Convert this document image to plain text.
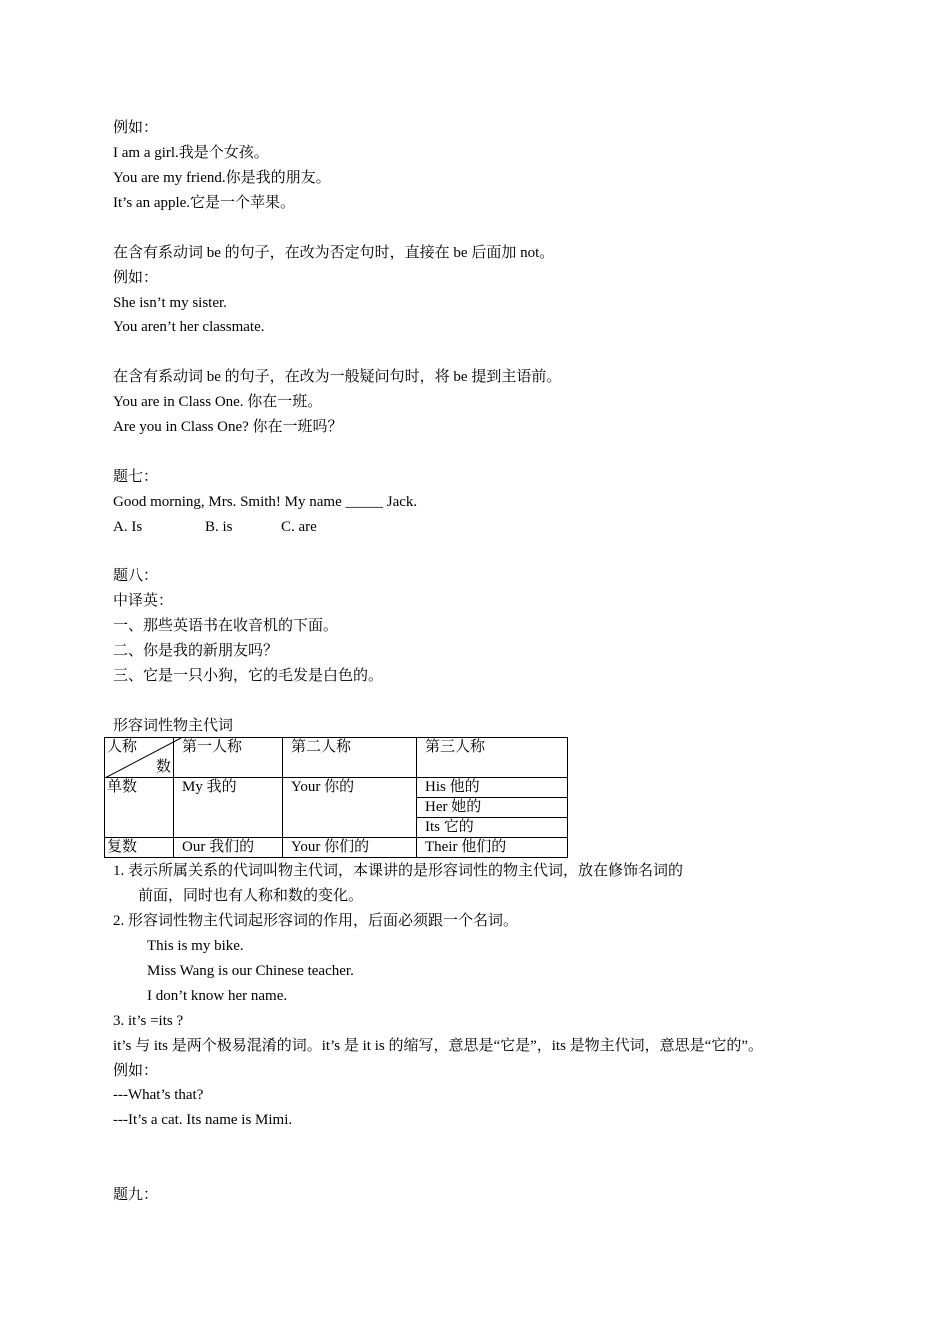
例如：
I am a girl.我是个女孩。
You are my friend.你是我的朋友。
It’s an apple.它是一个苹果。
在含有系动词 be 的句子，在改为否定句时，直接在 be 后面加 not。
例如：
She isn’t my sister.
You aren’t her classmate.
在含有系动词 be 的句子，在改为一般疑问句时，将 be 提到主语前。
You are in Class One. 你在一班。
Are you in Class One? 你在一班吗？
题七：
Good morning, Mrs. Smith! My name _____ Jack.
A. Is	B. is	C. are
题八：
中译英：
一、那些英语书在收音机的下面。
二、你是我的新朋友吗？
三、它是一只小狗，它的毛发是白色的。
形容词性物主代词
人称
数	第一人称	第二人称	第三人称
单数	My 我的	Your 你的	His 他的
			Her 她的
			Its 它的
复数	Our 我们的	Your 你们的	Their 他们的
1. 表示所属关系的代词叫物主代词，本课讲的是形容词性的物主代词，放在修饰名词的
前面，同时也有人称和数的变化。
2. 形容词性物主代词起形容词的作用，后面必须跟一个名词。
This is my bike.
Miss Wang is our Chinese teacher.
I don’t know her name.
3. it’s =its ?
it’s 与 its 是两个极易混淆的词。it’s 是 it is 的缩写，意思是“它是”，its 是物主代词，意思是“它的”。
例如：
---What’s that?
---It’s a cat. Its name is Mimi.
题九：
